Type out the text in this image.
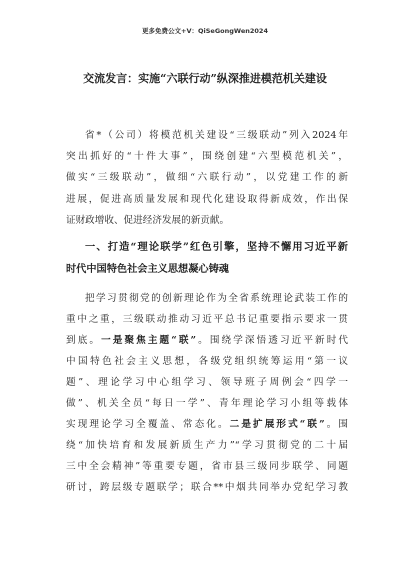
更多免费公文+V：QiSeGongWen2024
交流发言：实施“六联行动”纵深推进模范机关建设
省*（公司）将模范机关建设“三级联动”列入2024年
突出抓好的“十件大事”，围绕创建“六型模范机关”，
做实“三级联动”，做细“六联行动”，以党建工作的新
进展，促进高质量发展和现代化建设取得新成效，作出保
证财政增收、促进经济发展的新贡献。
一、打造“理论联学”红色引擎，坚持不懈用习近平新
时代中国特色社会主义思想凝心铸魂
把学习贯彻党的创新理论作为全省系统理论武装工作的
重中之重，三级联动推动习近平总书记重要指示要求一贯
到底。一是聚焦主题“联”。围绕学深悟透习近平新时代
中国特色社会主义思想，各级党组织统筹运用“第一议
题”、理论学习中心组学习、领导班子周例会“四学一
做”、机关全员“每日一学”、青年理论学习小组等载体
实现理论学习全覆盖、常态化。二是扩展形式“联”。围
绕“加快培育和发展新质生产力”“学习贯彻党的二十届
三中全会精神”等重要专题，省市县三级同步联学、同题
研讨，跨层级专题联学；联合**中烟共同举办党纪学习教
